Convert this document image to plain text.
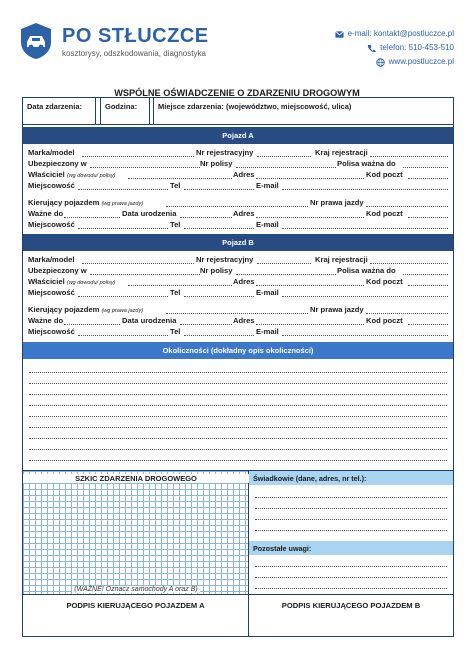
PO STŁUCZCE
kosztorysy, odszkodowania, diagnostyka
e-mail: kontakt@postluczce.pl
telefon: 510-453-510
www.postluczce.pl
WSPÓLNE OŚWIADCZENIE O ZDARZENIU DROGOWYM
Data zdarzenia:	Godzina:	Miejsce zdarzenia: (województwo, miejscowość, ulica)
Pojazd A
Marka/model	Nr rejestracyjny	Kraj rejestracji
Ubezpieczony w	Nr polisy	Polisa ważna do
Właściciel (wg dowodu/ polisy)	Adres	Kod poczt
Miejscowość	Tel	E-mail
Kierujący pojazdem (wg prawa jazdy)	Nr prawa jazdy
Ważne do	Data urodzenia	Adres	Kod poczt
Miejscowość	Tel	E-mail
Pojazd B
Marka/model	Nr rejestracyjny	Kraj rejestracji
Ubezpieczony w	Nr polisy	Polisa ważna do
Właściciel (wg dowodu/ polisy)	Adres	Kod poczt
Miejscowość	Tel	E-mail
Kierujący pojazdem (wg prawa jazdy)	Nr prawa jazdy
Ważne do	Data urodzenia	Adres	Kod poczt
Miejscowość	Tel	E-mail
Okoliczności (dokładny opis okoliczności)
SZKIC ZDARZENIA DROGOWEGO
(WAŻNE! Oznacz samochody A oraz B)
Świadkowie (dane, adres, nr tel.):
Pozostałe uwagi:
PODPIS KIERUJĄCEGO POJAZDEM A	PODPIS KIERUJĄCEGO POJAZDEM B
